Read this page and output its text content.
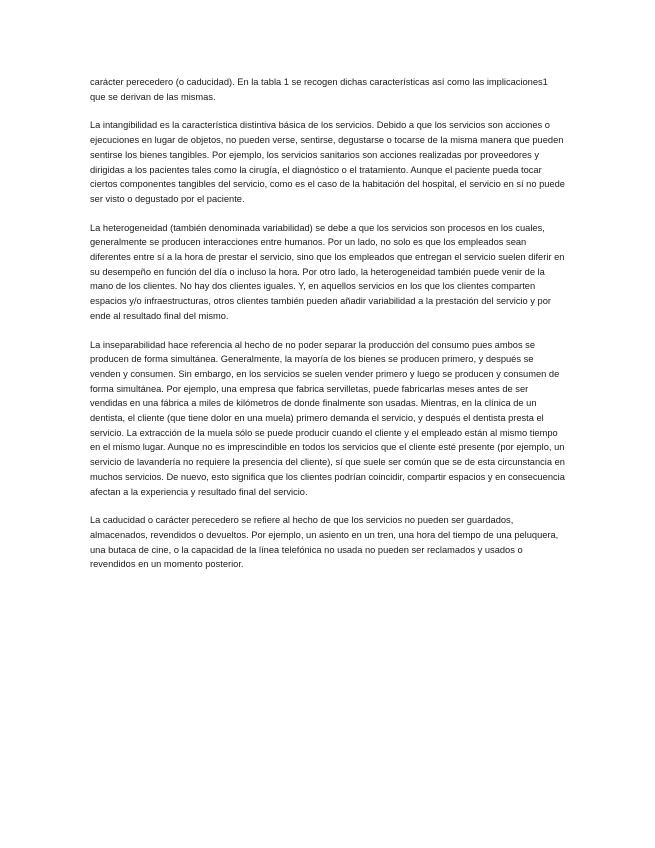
carácter perecedero (o caducidad). En la tabla 1 se recogen dichas características así como las implicaciones1 que se derivan de las mismas.

La intangibilidad es la característica distintiva básica de los servicios. Debido a que los servicios son acciones o ejecuciones en lugar de objetos, no pueden verse, sentirse, degustarse o tocarse de la misma manera que pueden sentirse los bienes tangibles. Por ejemplo, los servicios sanitarios son acciones realizadas por proveedores y dirigidas a los pacientes tales como la cirugía, el diagnóstico o el tratamiento. Aunque el paciente pueda tocar ciertos componentes tangibles del servicio, como es el caso de la habitación del hospital, el servicio en sí no puede ser visto o degustado por el paciente.

La heterogeneidad (también denominada variabilidad) se debe a que los servicios son procesos en los cuales, generalmente se producen interacciones entre humanos. Por un lado, no solo es que los empleados sean diferentes entre sí a la hora de prestar el servicio, sino que los empleados que entregan el servicio suelen diferir en su desempeño en función del día o incluso la hora. Por otro lado, la heterogeneidad también puede venir de la mano de los clientes. No hay dos clientes iguales. Y, en aquellos servicios en los que los clientes comparten espacios y/o infraestructuras, otros clientes también pueden añadir variabilidad a la prestación del servicio y por ende al resultado final del mismo.

La inseparabilidad hace referencia al hecho de no poder separar la producción del consumo pues ambos se producen de forma simultánea. Generalmente, la mayoría de los bienes se producen primero, y después se venden y consumen. Sin embargo, en los servicios se suelen vender primero y luego se producen y consumen de forma simultánea. Por ejemplo, una empresa que fabrica servilletas, puede fabricarlas meses antes de ser vendidas en una fábrica a miles de kilómetros de donde finalmente son usadas. Mientras, en la clínica de un dentista, el cliente (que tiene dolor en una muela) primero demanda el servicio, y después el dentista presta el servicio. La extracción de la muela sólo se puede producir cuando el cliente y el empleado están al mismo tiempo en el mismo lugar. Aunque no es imprescindible en todos los servicios que el cliente esté presente (por ejemplo, un servicio de lavandería no requiere la presencia del cliente), sí que suele ser común que se de esta circunstancia en muchos servicios. De nuevo, esto significa que los clientes podrían coincidir, compartir espacios y en consecuencia afectan a la experiencia y resultado final del servicio.

La caducidad o carácter perecedero se refiere al hecho de que los servicios no pueden ser guardados, almacenados, revendidos o devueltos. Por ejemplo, un asiento en un tren, una hora del tiempo de una peluquera, una butaca de cine, o la capacidad de la línea telefónica no usada no pueden ser reclamados y usados o revendidos en un momento posterior.
